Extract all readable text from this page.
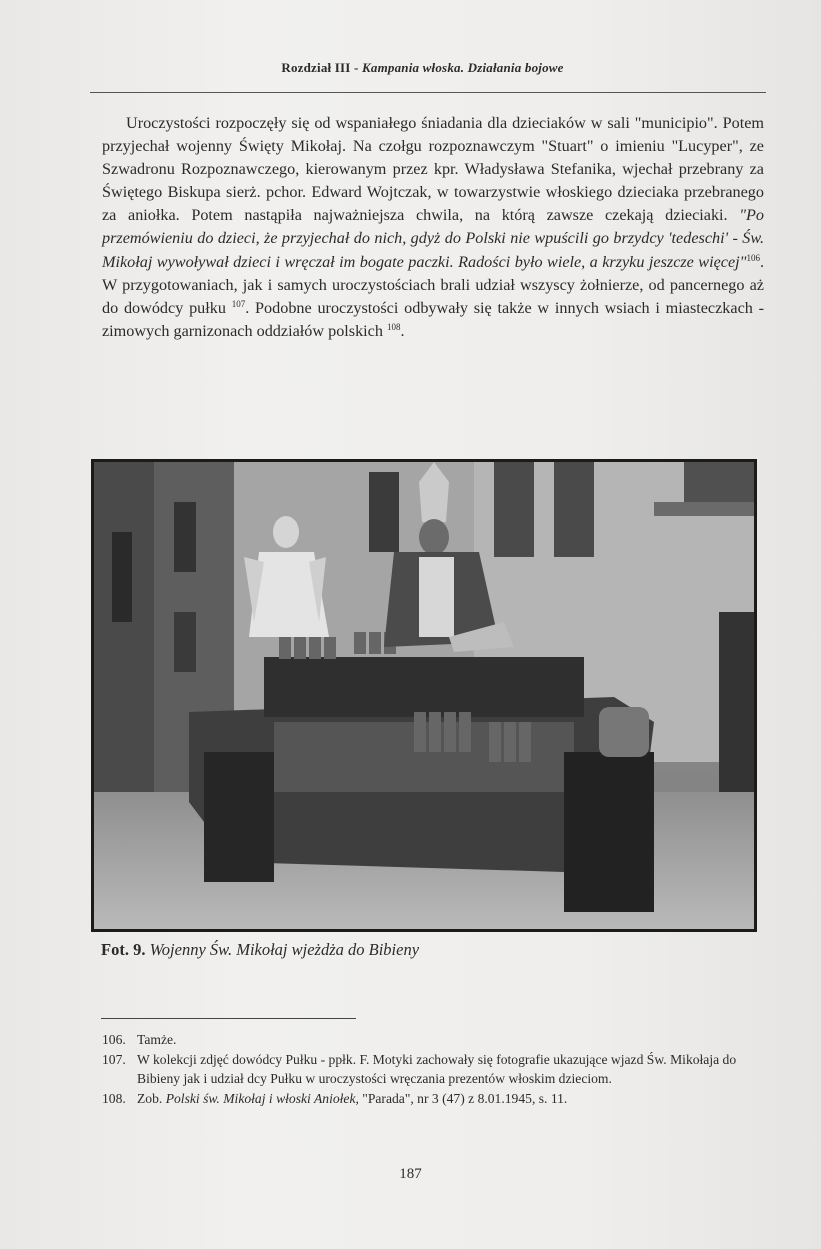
Rozdział III - Kampania włoska. Działania bojowe
Uroczystości rozpoczęły się od wspaniałego śniadania dla dzieciaków w sali "municipio". Potem przyjechał wojenny Święty Mikołaj. Na czołgu rozpoznawczym "Stuart" o imieniu "Lucyper", ze Szwadronu Rozpoznawczego, kierowanym przez kpr. Władysława Stefanika, wjechał przebrany za Świętego Biskupa sierż. pchor. Edward Wojtczak, w towarzystwie włoskiego dzieciaka przebranego za aniołka. Potem nastąpiła najważniejsza chwila, na którą zawsze czekają dzieciaki. "Po przemówieniu do dzieci, że przyjechał do nich, gdyż do Polski nie wpuścili go brzydcy 'tedeschi' - Św. Mikołaj wywoływał dzieci i wręczał im bogate paczki. Radości było wiele, a krzyku jeszcze więcej"$^{106}$. W przygotowaniach, jak i samych uroczystościach brali udział wszyscy żołnierze, od pancernego aż do dowódcy pułku $^{107}$. Podobne uroczystości odbywały się także w innych wsiach i miasteczkach - zimowych garnizonach oddziałów polskich $^{108}$.
Fot. 9. Wojenny Św. Mikołaj wjeżdża do Bibieny
106. Tamże.
107. W kolekcji zdjęć dowódcy Pułku - ppłk. F. Motyki zachowały się fotografie ukazujące wjazd Św. Mikołaja do Bibieny jak i udział dcy Pułku w uroczystości wręczania prezentów włoskim dzieciom.
108. Zob. Polski św. Mikołaj i włoski Aniołek, "Parada", nr 3 (47) z 8.01.1945, s. 11.
187
